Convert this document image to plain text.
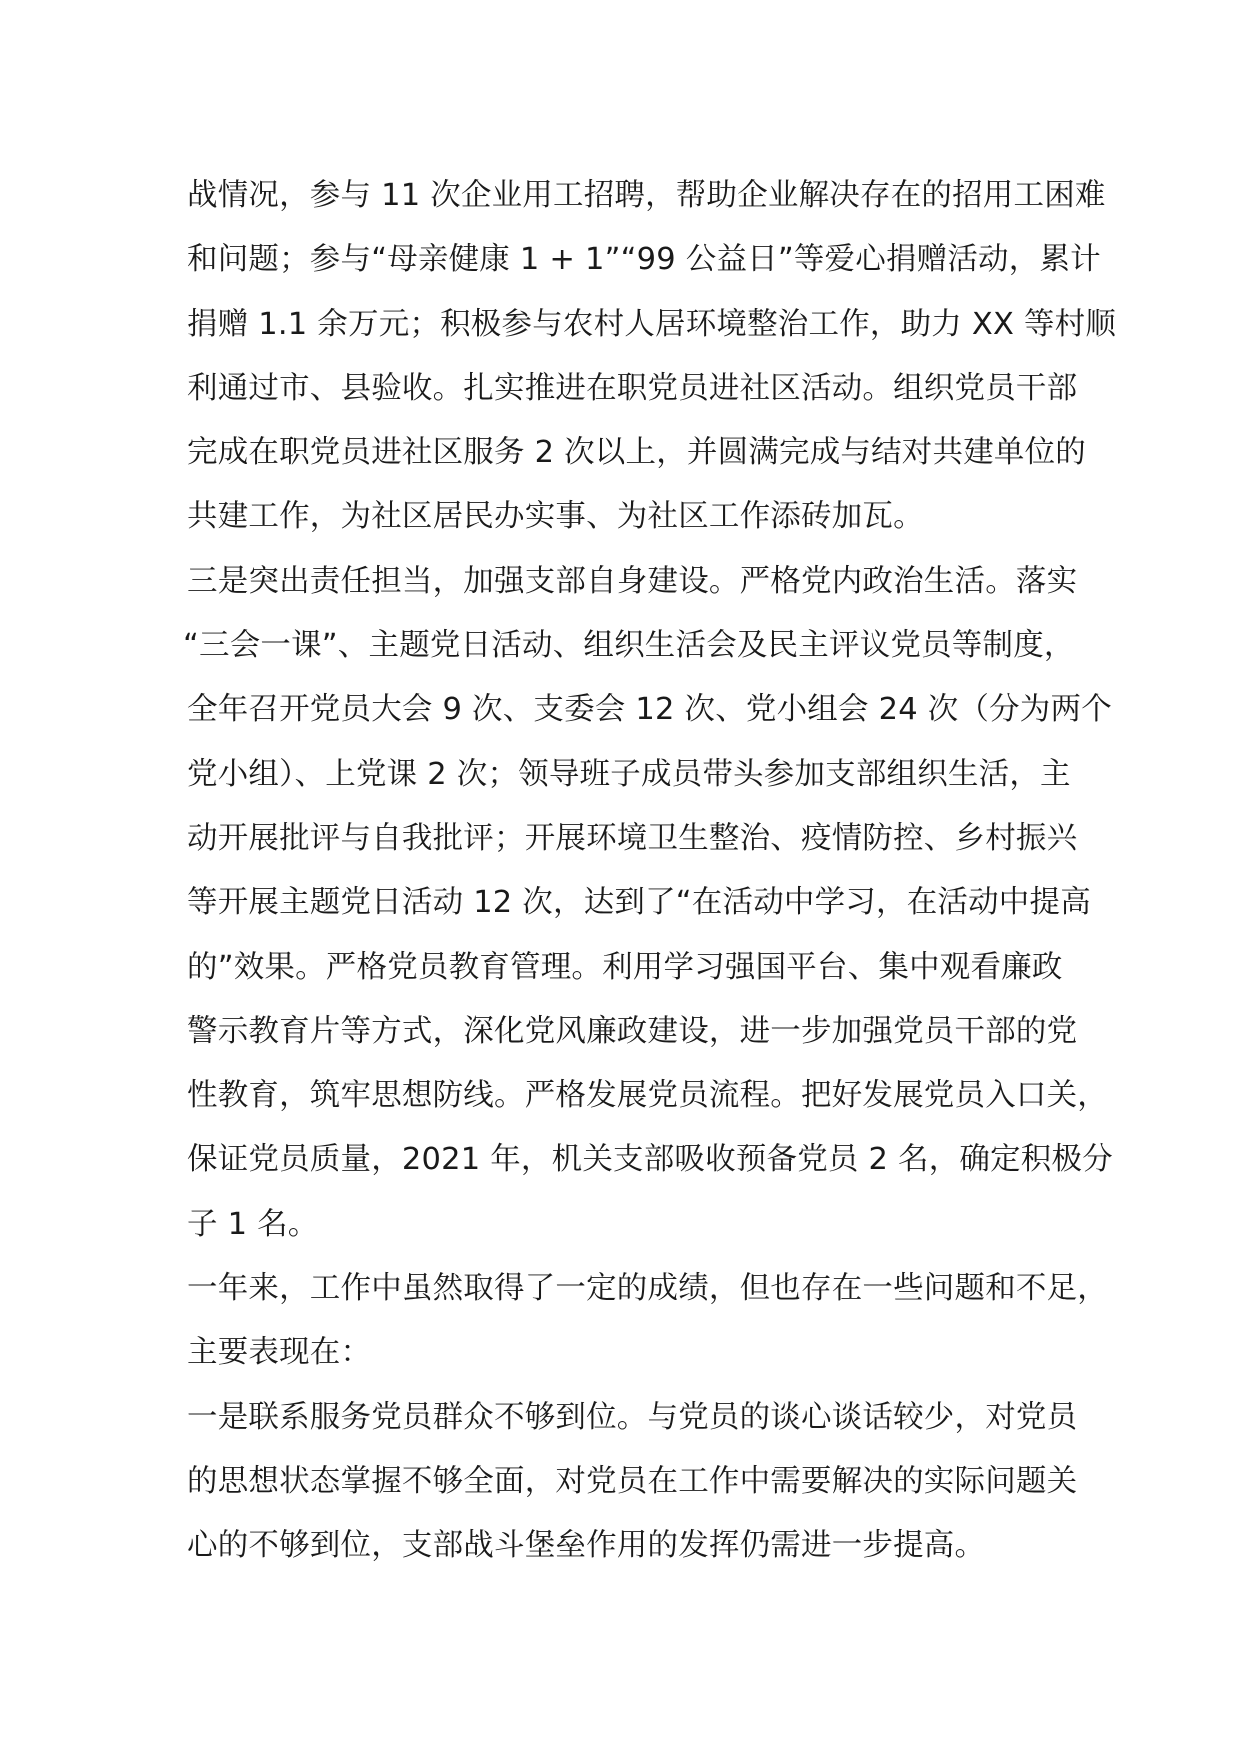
战情况，参与 11 次企业用工招聘，帮助企业解决存在的招用工困难
和问题；参与“母亲健康 1 + 1”“99 公益日”等爱心捐赠活动，累计
捐赠 1.1 余万元；积极参与农村人居环境整治工作，助力 XX 等村顺
利通过市、县验收。扎实推进在职党员进社区活动。组织党员干部
完成在职党员进社区服务 2 次以上，并圆满完成与结对共建单位的
共建工作，为社区居民办实事、为社区工作添砖加瓦。
三是突出责任担当，加强支部自身建设。严格党内政治生活。落实
“三会一课”、主题党日活动、组织生活会及民主评议党员等制度，
全年召开党员大会 9 次、支委会 12 次、党小组会 24 次（分为两个
党小组）、上党课 2 次；领导班子成员带头参加支部组织生活，主
动开展批评与自我批评；开展环境卫生整治、疫情防控、乡村振兴
等开展主题党日活动 12 次，达到了“在活动中学习，在活动中提高
的”效果。严格党员教育管理。利用学习强国平台、集中观看廉政
警示教育片等方式，深化党风廉政建设，进一步加强党员干部的党
性教育，筑牢思想防线。严格发展党员流程。把好发展党员入口关，
保证党员质量，2021 年，机关支部吸收预备党员 2 名，确定积极分
子 1 名。
一年来，工作中虽然取得了一定的成绩，但也存在一些问题和不足，
主要表现在：
一是联系服务党员群众不够到位。与党员的谈心谈话较少，对党员
的思想状态掌握不够全面，对党员在工作中需要解决的实际问题关
心的不够到位，支部战斗堡垒作用的发挥仍需进一步提高。
